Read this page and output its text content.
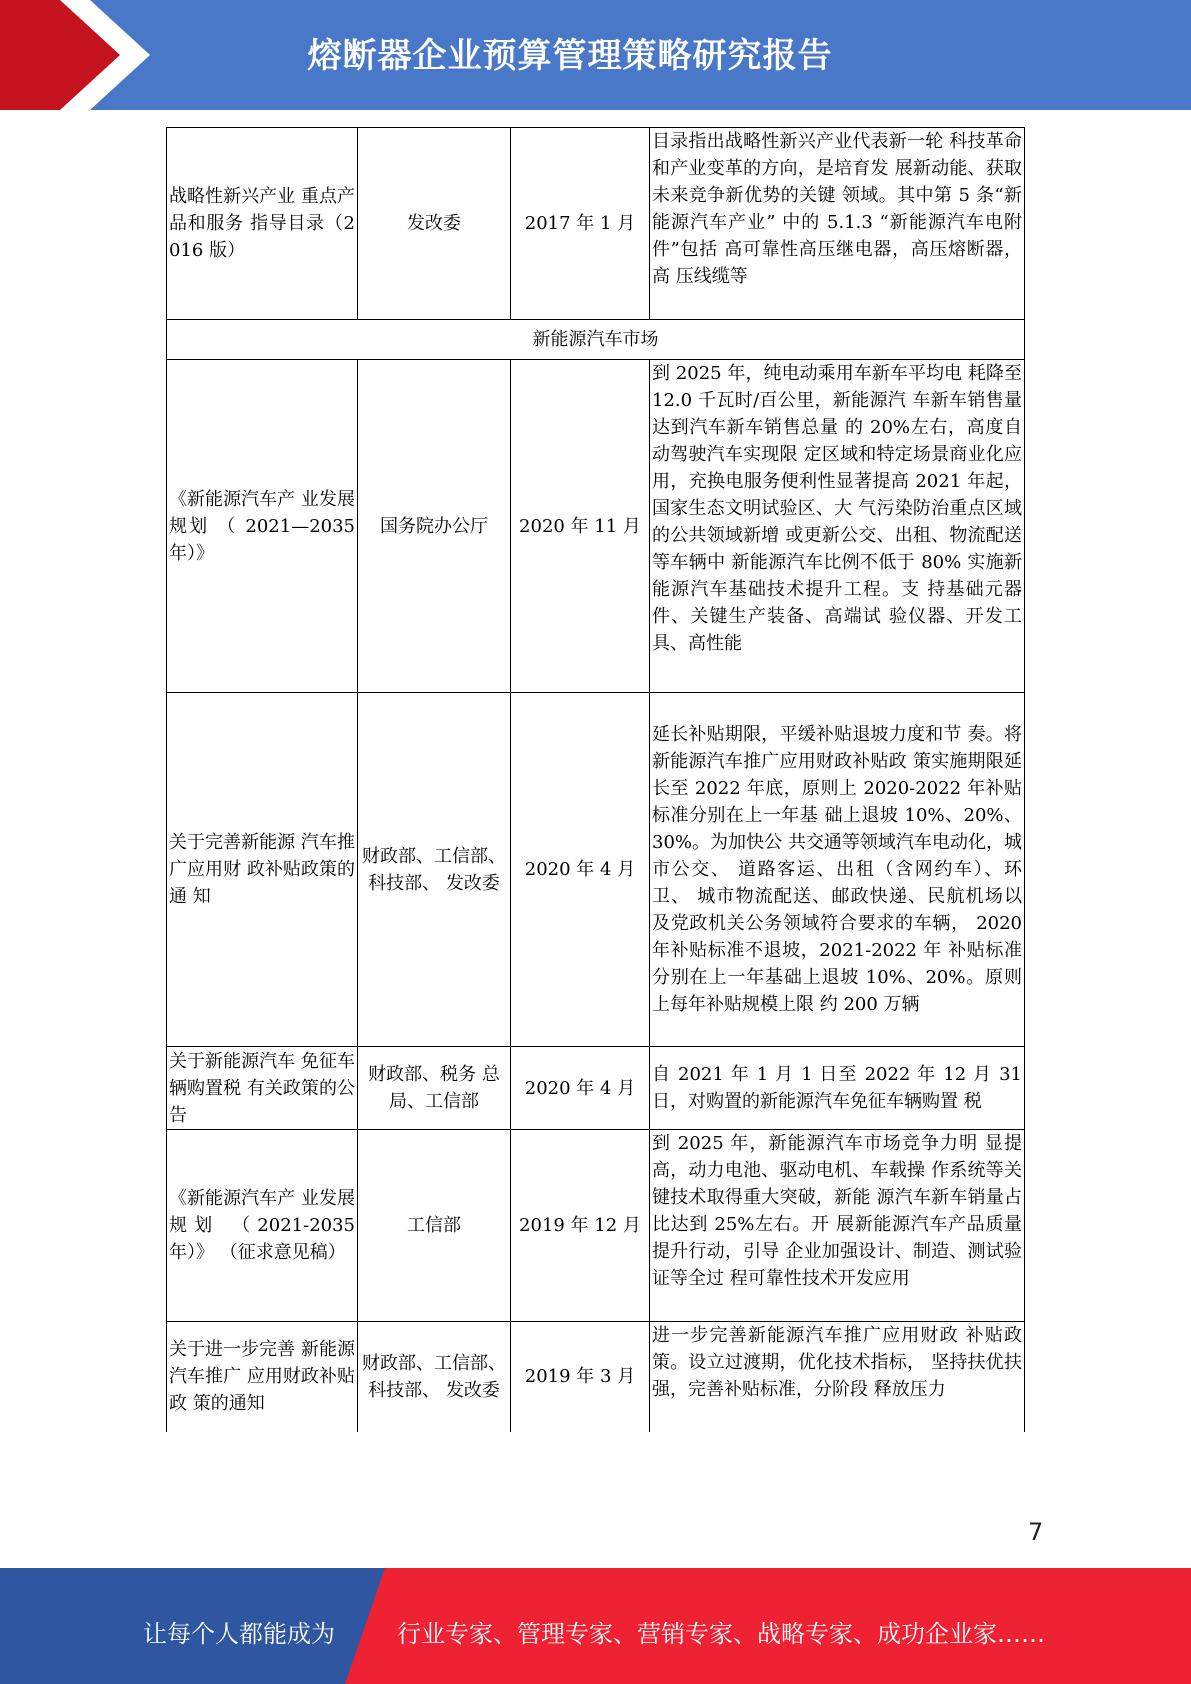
熔断器企业预算管理策略研究报告
战略性新兴产业 重点产品和服务 指导目录（2016 版）	发改委	2017 年 1 月	目录指出战略性新兴产业代表新一轮 科技革命和产业变革的方向，是培育发 展新动能、获取未来竞争新优势的关键 领域。其中第 5 条“新能源汽车产业” 中的 5.1.3 “新能源汽车电附件”包括 高可靠性高压继电器，高压熔断器，高 压线缆等
新能源汽车市场			
《新能源汽车产 业发展规划 （ 2021—2035 年）》	国务院办公厅	2020 年 11 月	到 2025 年，纯电动乘用车新车平均电 耗降至 12.0 千瓦时/百公里，新能源汽 车新车销售量达到汽车新车销售总量 的 20%左右，高度自动驾驶汽车实现限 定区域和特定场景商业化应用，充换电服务便利性显著提高 2021 年起，国家生态文明试验区、大 气污染防治重点区域的公共领域新增 或更新公交、出租、物流配送等车辆中 新能源汽车比例不低于 80% 实施新能源汽车基础技术提升工程。支 持基础元器件、关键生产装备、高端试 验仪器、开发工具、高性能
关于完善新能源 汽车推广应用财 政补贴政策的通 知	财政部、工信部、科技部、 发改委	2020 年 4 月	延长补贴期限，平缓补贴退坡力度和节 奏。将新能源汽车推广应用财政补贴政 策实施期限延长至 2022 年底，原则上 2020-2022 年补贴标准分别在上一年基 础上退坡 10%、20%、30%。为加快公 共交通等领域汽车电动化，城市公交、 道路客运、出租（含网约车）、环卫、 城市物流配送、邮政快递、民航机场以 及党政机关公务领域符合要求的车辆， 2020 年补贴标准不退坡，2021-2022 年 补贴标准分别在上一年基础上退坡 10%、20%。原则上每年补贴规模上限 约 200 万辆
关于新能源汽车 免征车辆购置税 有关政策的公告	财政部、税务 总局、工信部	2020 年 4 月	自 2021 年 1 月 1 日至 2022 年 12 月 31 日，对购置的新能源汽车免征车辆购置 税
《新能源汽车产 业发展规划 （2021-2035 年）》 （征求意见稿）	工信部	2019 年 12 月	到 2025 年，新能源汽车市场竞争力明 显提高，动力电池、驱动电机、车载操 作系统等关键技术取得重大突破，新能 源汽车新车销量占比达到 25%左右。开 展新能源汽车产品质量提升行动，引导 企业加强设计、制造、测试验证等全过 程可靠性技术开发应用
关于进一步完善 新能源汽车推广 应用财政补贴政 策的通知	财政部、工信部、科技部、 发改委	2019 年 3 月	进一步完善新能源汽车推广应用财政 补贴政策。设立过渡期，优化技术指标， 坚持扶优扶强，完善补贴标准，分阶段 释放压力
7
让每个人都能成为	行业专家、管理专家、营销专家、战略专家、成功企业家……
